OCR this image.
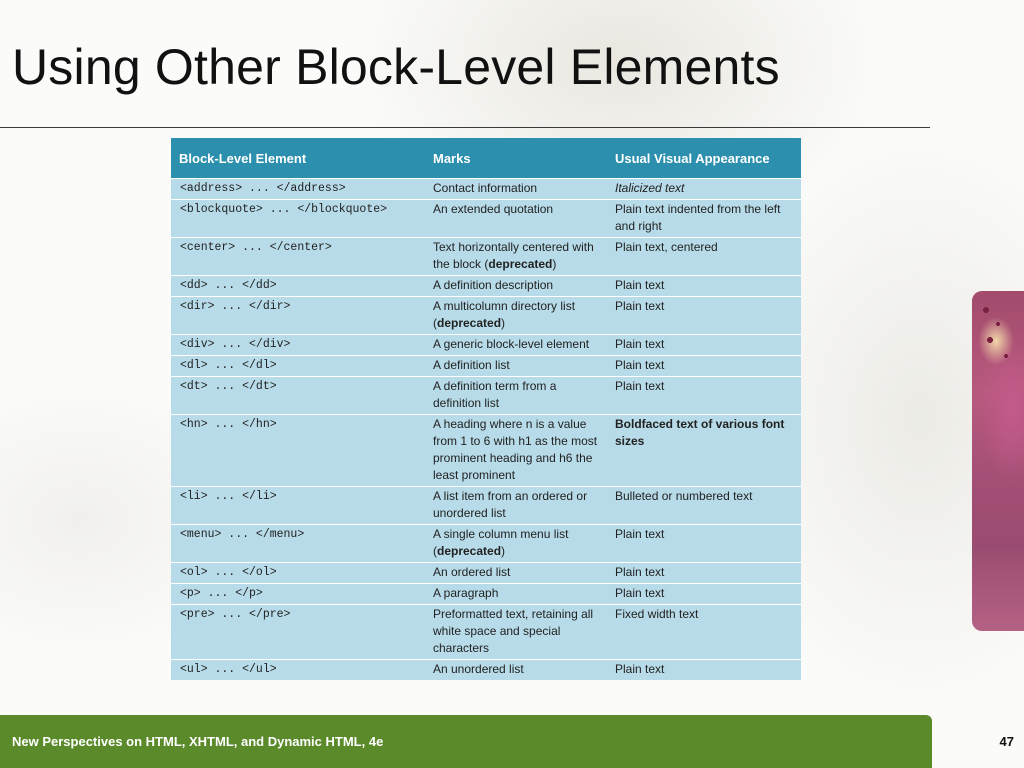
Using Other Block-Level Elements
Block-Level Element	Marks	Usual Visual Appearance
<address> ... </address>	Contact information	Italicized text
<blockquote> ... </blockquote>	An extended quotation	Plain text indented from the left and right
<center> ... </center>	Text horizontally centered with the block (deprecated)	Plain text, centered
<dd> ... </dd>	A definition description	Plain text
<dir> ... </dir>	A multicolumn directory list (deprecated)	Plain text
<div> ... </div>	A generic block-level element	Plain text
<dl> ... </dl>	A definition list	Plain text
<dt> ... </dt>	A definition term from a definition list	Plain text
<hn> ... </hn>	A heading where n is a value from 1 to 6 with h1 as the most prominent heading and h6 the least prominent	Boldfaced text of various font sizes
<li> ... </li>	A list item from an ordered or unordered list	Bulleted or numbered text
<menu> ... </menu>	A single column menu list (deprecated)	Plain text
<ol> ... </ol>	An ordered list	Plain text
<p> ... </p>	A paragraph	Plain text
<pre> ... </pre>	Preformatted text, retaining all white space and special characters	Fixed width text
<ul> ... </ul>	An unordered list	Plain text
New Perspectives on HTML, XHTML, and Dynamic HTML, 4e	47
